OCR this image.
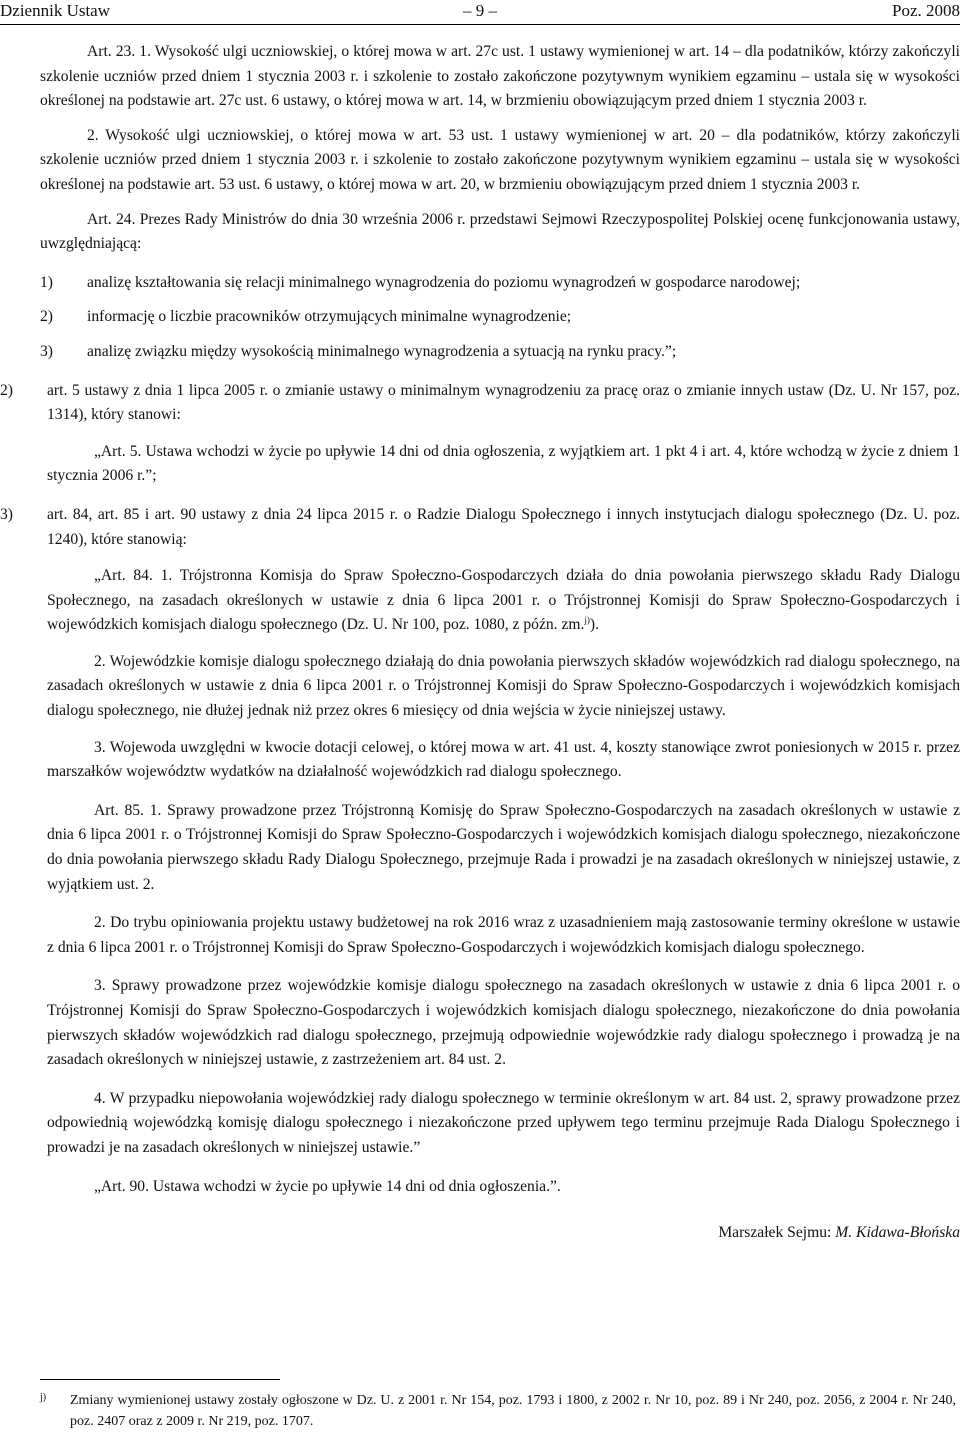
Dziennik Ustaw	– 9 –	Poz. 2008

Art. 23. 1. Wysokość ulgi uczniowskiej, o której mowa w art. 27c ust. 1 ustawy wymienionej w art. 14 – dla podatników, którzy zakończyli szkolenie uczniów przed dniem 1 stycznia 2003 r. i szkolenie to zostało zakończone pozytywnym wynikiem egzaminu – ustala się w wysokości określonej na podstawie art. 27c ust. 6 ustawy, o której mowa w art. 14, w brzmieniu obowiązującym przed dniem 1 stycznia 2003 r.

2. Wysokość ulgi uczniowskiej, o której mowa w art. 53 ust. 1 ustawy wymienionej w art. 20 – dla podatników, którzy zakończyli szkolenie uczniów przed dniem 1 stycznia 2003 r. i szkolenie to zostało zakończone pozytywnym wynikiem egzaminu – ustala się w wysokości określonej na podstawie art. 53 ust. 6 ustawy, o której mowa w art. 20, w brzmieniu obowiązującym przed dniem 1 stycznia 2003 r.

Art. 24. Prezes Rady Ministrów do dnia 30 września 2006 r. przedstawi Sejmowi Rzeczypospolitej Polskiej ocenę funkcjonowania ustawy, uwzględniającą:

1) analizę kształtowania się relacji minimalnego wynagrodzenia do poziomu wynagrodzeń w gospodarce narodowej;
2) informację o liczbie pracowników otrzymujących minimalne wynagrodzenie;
3) analizę związku między wysokością minimalnego wynagrodzenia a sytuacją na rynku pracy.”;
2) art. 5 ustawy z dnia 1 lipca 2005 r. o zmianie ustawy o minimalnym wynagrodzeniu za pracę oraz o zmianie innych ustaw (Dz. U. Nr 157, poz. 1314), który stanowi:

„Art. 5. Ustawa wchodzi w życie po upływie 14 dni od dnia ogłoszenia, z wyjątkiem art. 1 pkt 4 i art. 4, które wchodzą w życie z dniem 1 stycznia 2006 r.”;

3) art. 84, art. 85 i art. 90 ustawy z dnia 24 lipca 2015 r. o Radzie Dialogu Społecznego i innych instytucjach dialogu społecznego (Dz. U. poz. 1240), które stanowią:

„Art. 84. 1. Trójstronna Komisja do Spraw Społeczno-Gospodarczych działa do dnia powołania pierwszego składu Rady Dialogu Społecznego, na zasadach określonych w ustawie z dnia 6 lipca 2001 r. o Trójstronnej Komisji do Spraw Społeczno-Gospodarczych i wojewódzkich komisjach dialogu społecznego (Dz. U. Nr 100, poz. 1080, z późn. zm.$^{j)}$).

2. Wojewódzkie komisje dialogu społecznego działają do dnia powołania pierwszych składów wojewódzkich rad dialogu społecznego, na zasadach określonych w ustawie z dnia 6 lipca 2001 r. o Trójstronnej Komisji do Spraw Społeczno-Gospodarczych i wojewódzkich komisjach dialogu społecznego, nie dłużej jednak niż przez okres 6 miesięcy od dnia wejścia w życie niniejszej ustawy.

3. Wojewoda uwzględni w kwocie dotacji celowej, o której mowa w art. 41 ust. 4, koszty stanowiące zwrot poniesionych w 2015 r. przez marszałków województw wydatków na działalność wojewódzkich rad dialogu społecznego.

Art. 85. 1. Sprawy prowadzone przez Trójstronną Komisję do Spraw Społeczno-Gospodarczych na zasadach określonych w ustawie z dnia 6 lipca 2001 r. o Trójstronnej Komisji do Spraw Społeczno-Gospodarczych i wojewódzkich komisjach dialogu społecznego, niezakończone do dnia powołania pierwszego składu Rady Dialogu Społecznego, przejmuje Rada i prowadzi je na zasadach określonych w niniejszej ustawie, z wyjątkiem ust. 2.

2. Do trybu opiniowania projektu ustawy budżetowej na rok 2016 wraz z uzasadnieniem mają zastosowanie terminy określone w ustawie z dnia 6 lipca 2001 r. o Trójstronnej Komisji do Spraw Społeczno-Gospodarczych i wojewódzkich komisjach dialogu społecznego.

3. Sprawy prowadzone przez wojewódzkie komisje dialogu społecznego na zasadach określonych w ustawie z dnia 6 lipca 2001 r. o Trójstronnej Komisji do Spraw Społeczno-Gospodarczych i wojewódzkich komisjach dialogu społecznego, niezakończone do dnia powołania pierwszych składów wojewódzkich rad dialogu społecznego, przejmują odpowiednie wojewódzkie rady dialogu społecznego i prowadzą je na zasadach określonych w niniejszej ustawie, z zastrzeżeniem art. 84 ust. 2.

4. W przypadku niepowołania wojewódzkiej rady dialogu społecznego w terminie określonym w art. 84 ust. 2, sprawy prowadzone przez odpowiednią wojewódzką komisję dialogu społecznego i niezakończone przed upływem tego terminu przejmuje Rada Dialogu Społecznego i prowadzi je na zasadach określonych w niniejszej ustawie.”

„Art. 90. Ustawa wchodzi w życie po upływie 14 dni od dnia ogłoszenia.”.

Marszałek Sejmu: M. Kidawa-Błońska

j) Zmiany wymienionej ustawy zostały ogłoszone w Dz. U. z 2001 r. Nr 154, poz. 1793 i 1800, z 2002 r. Nr 10, poz. 89 i Nr 240, poz. 2056, z 2004 r. Nr 240, poz. 2407 oraz z 2009 r. Nr 219, poz. 1707.
